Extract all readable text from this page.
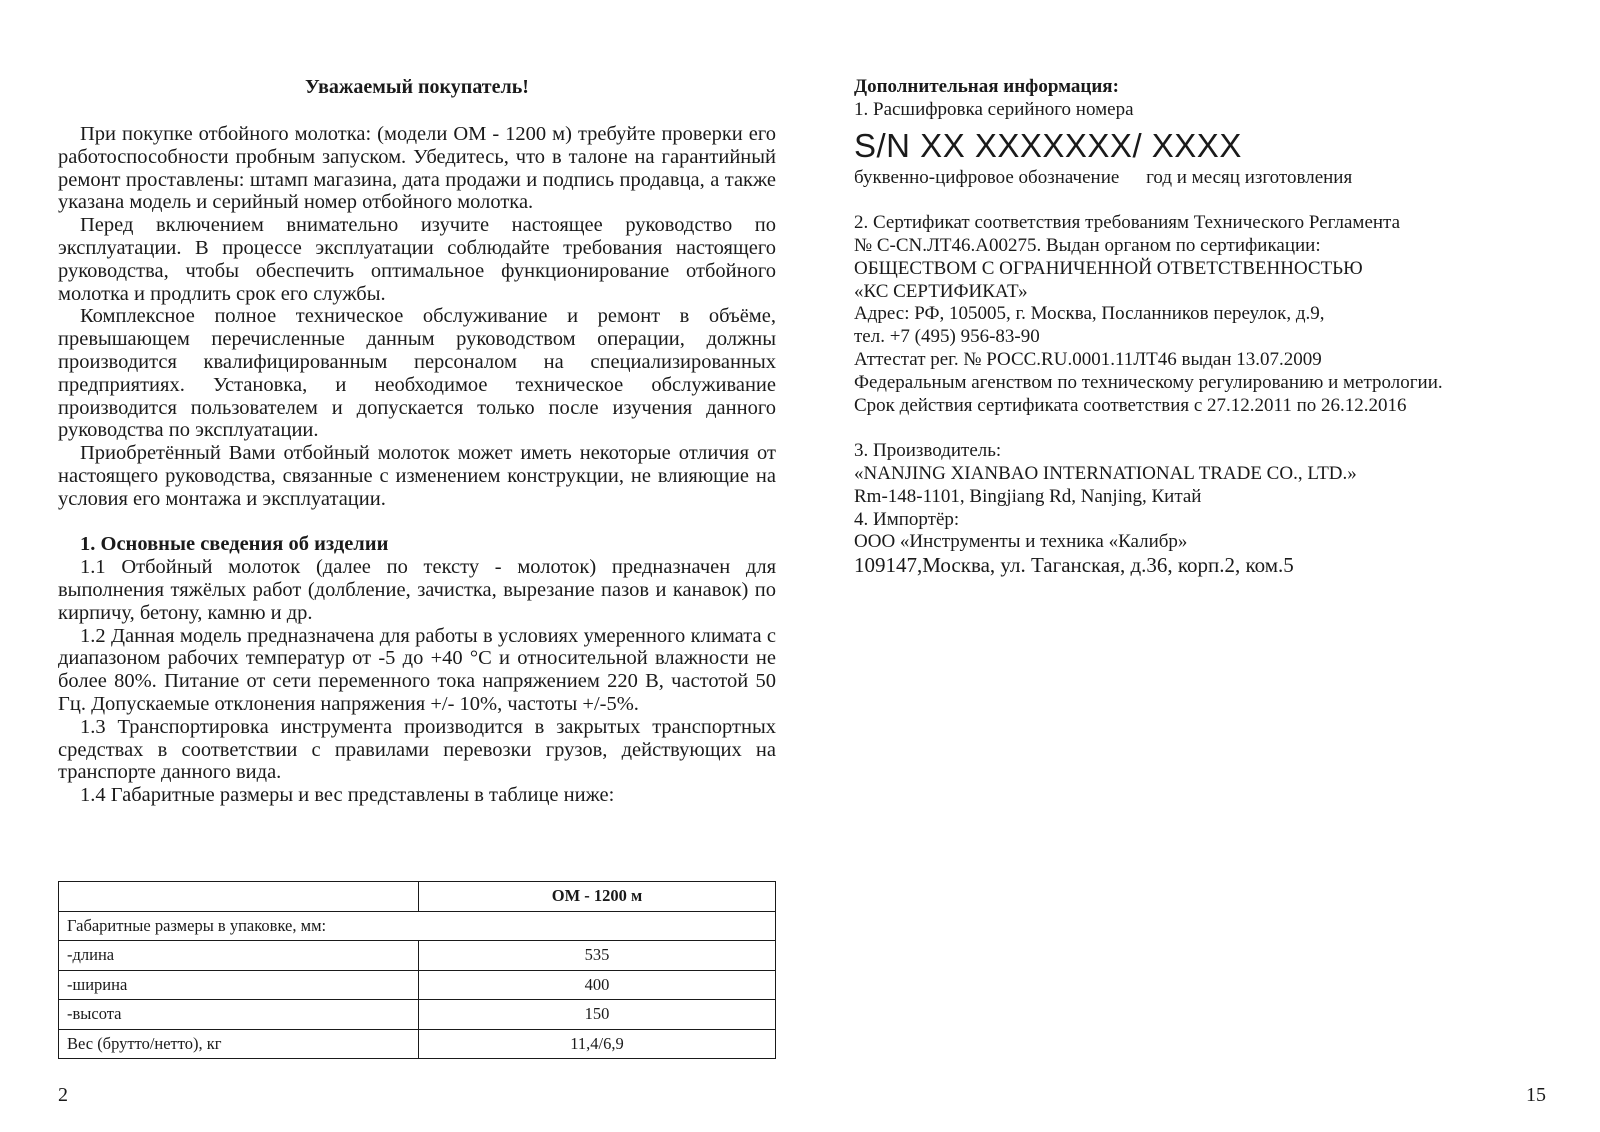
Уважаемый покупатель!

При покупке отбойного молотка: (модели ОМ - 1200 м) требуйте проверки его работоспособности пробным запуском. Убедитесь, что в талоне на гарантийный ремонт проставлены: штамп магазина, дата продажи и подпись продавца, а также указана модель и серийный номер отбойного молотка.

Перед включением внимательно изучите настоящее руководство по эксплуатации. В процессе эксплуатации соблюдайте требования настоящего руководства, чтобы обеспечить оптимальное функционирование отбойного молотка и продлить срок его службы.

Комплексное полное техническое обслуживание и ремонт в объёме, превышающем перечисленные данным руководством операции, должны производится квалифицированным персоналом на специализированных предприятиях. Установка, и необходимое техническое обслуживание производится пользователем и допускается только после изучения данного руководства по эксплуатации.

Приобретённый Вами отбойный молоток может иметь некоторые отличия от настоящего руководства, связанные с изменением конструкции, не влияющие на условия его монтажа и эксплуатации.

1. Основные сведения об изделии

1.1 Отбойный молоток (далее по тексту - молоток) предназначен для выполнения тяжёлых работ (долбление, зачистка, вырезание пазов и канавок) по кирпичу, бетону, камню и др.

1.2 Данная модель предназначена для работы в условиях умеренного климата с диапазоном рабочих температур от -5 до +40 °С и относительной влажности не более 80%. Питание от сети переменного тока напряжением 220 В, частотой 50 Гц. Допускаемые отклонения напряжения +/- 10%, частоты +/-5%.

1.3 Транспортировка инструмента производится в закрытых транспортных средствах в соответствии с правилами перевозки грузов, действующих на транспорте данного вида.

1.4 Габаритные размеры и вес представлены в таблице ниже:

	ОМ - 1200 м
Габаритные размеры в упаковке, мм:	
-длина	535
-ширина	400
-высота	150
Вес (брутто/нетто), кг	11,4/6,9
2
Дополнительная информация:
1. Расшифровка серийного номера
S/N XX XXXXXXX/ XXXX
буквенно-цифровое обозначение год и месяц изготовления
2. Сертификат соответствия требованиям Технического Регламента
№ C-CN.ЛТ46.А00275. Выдан органом по сертификации:
ОБЩЕСТВОМ С ОГРАНИЧЕННОЙ ОТВЕТСТВЕННОСТЬЮ
«КС СЕРТИФИКАТ»
Адрес: РФ, 105005, г. Москва, Посланников переулок, д.9,
тел. +7 (495) 956-83-90
Аттестат рег. № РОСС.RU.0001.11ЛТ46 выдан 13.07.2009
Федеральным агенством по техническому регулированию и метрологии.
Срок действия сертификата соответствия с 27.12.2011 по 26.12.2016
3. Производитель:
«NANJING XIANBAO INTERNATIONAL TRADE CO., LTD.»
Rm-148-1101, Bingjiang Rd, Nanjing, Китай
4. Импортёр:
ООО «Инструменты и техника «Калибр»
109147,Москва, ул. Таганская, д.36, корп.2, ком.5
15
